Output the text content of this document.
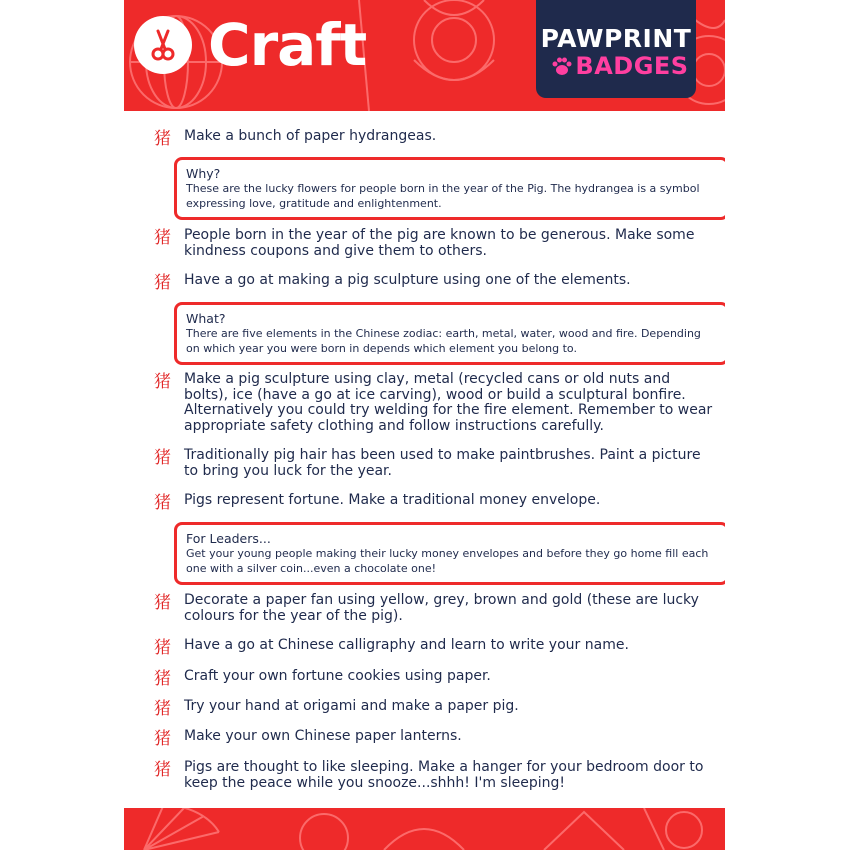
Craft	PAWPRINT
BADGES
猪 Make a bunch of paper hydrangeas.
Why?
These are the lucky flowers for people born in the year of the Pig. The hydrangea is a symbol expressing love, gratitude and enlightenment.
猪 People born in the year of the pig are known to be generous. Make some kindness coupons and give them to others.
猪 Have a go at making a pig sculpture using one of the elements.
What?
There are five elements in the Chinese zodiac: earth, metal, water, wood and fire. Depending on which year you were born in depends which element you belong to.
猪 Make a pig sculpture using clay, metal (recycled cans or old nuts and bolts), ice (have a go at ice carving), wood or build a sculptural bonfire. Alternatively you could try welding for the fire element. Remember to wear appropriate safety clothing and follow instructions carefully.
猪 Traditionally pig hair has been used to make paintbrushes. Paint a picture to bring you luck for the year.
猪 Pigs represent fortune. Make a traditional money envelope.
For Leaders...
Get your young people making their lucky money envelopes and before they go home fill each one with a silver coin...even a chocolate one!
猪 Decorate a paper fan using yellow, grey, brown and gold (these are lucky colours for the year of the pig).
猪 Have a go at Chinese calligraphy and learn to write your name.
猪 Craft your own fortune cookies using paper.
猪 Try your hand at origami and make a paper pig.
猪 Make your own Chinese paper lanterns.
猪 Pigs are thought to like sleeping. Make a hanger for your bedroom door to keep the peace while you snooze...shhh! I'm sleeping!
